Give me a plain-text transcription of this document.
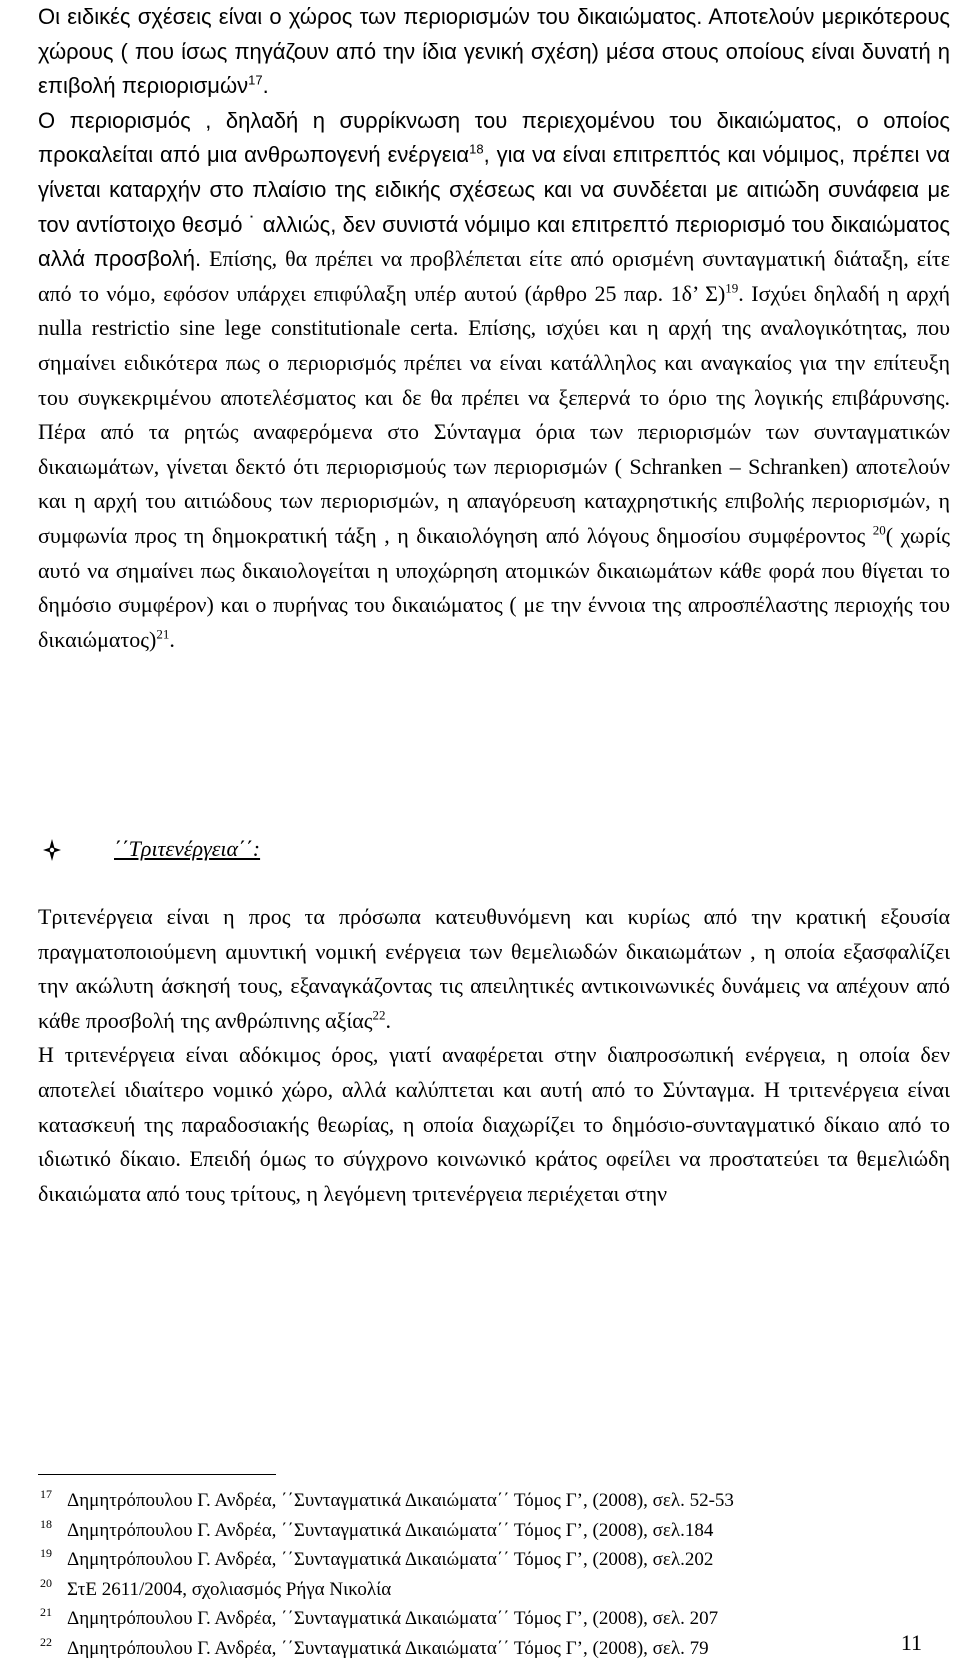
Οι ειδικές σχέσεις είναι ο χώρος των περιορισμών του δικαιώματος. Αποτελούν μερικότερους χώρους ( που ίσως πηγάζουν από την ίδια γενική σχέση) μέσα στους οποίους είναι δυνατή η επιβολή περιορισμών$^{17}$.

Ο περιορισμός , δηλαδή η συρρίκνωση του περιεχομένου του δικαιώματος, ο οποίος προκαλείται από μια ανθρωπογενή ενέργεια$^{18}$, για να είναι επιτρεπτός και νόμιμος, πρέπει να γίνεται καταρχήν στο πλαίσιο της ειδικής σχέσεως και να συνδέεται με αιτιώδη συνάφεια με τον αντίστοιχο θεσμό ˙ αλλιώς, δεν συνιστά νόμιμο και επιτρεπτό περιορισμό του δικαιώματος αλλά προσβολή. Επίσης, θα πρέπει να προβλέπεται είτε από ορισμένη συνταγματική διάταξη, είτε από το νόμο, εφόσον υπάρχει επιφύλαξη υπέρ αυτού (άρθρο 25 παρ. 1δ’ Σ)$^{19}$. Ισχύει δηλαδή η αρχή nulla restrictio sine lege constitutionale certa. Επίσης, ισχύει και η αρχή της αναλογικότητας, που σημαίνει ειδικότερα πως ο περιορισμός πρέπει να είναι κατάλληλος και αναγκαίος για την επίτευξη του συγκεκριμένου αποτελέσματος και δε θα πρέπει να ξεπερνά το όριο της λογικής επιβάρυνσης. Πέρα από τα ρητώς αναφερόμενα στο Σύνταγμα όρια των περιορισμών των συνταγματικών δικαιωμάτων, γίνεται δεκτό ότι περιορισμούς των περιορισμών ( Schranken – Schranken) αποτελούν και η αρχή του αιτιώδους των περιορισμών, η απαγόρευση καταχρηστικής επιβολής περιορισμών, η συμφωνία προς τη δημοκρατική τάξη , η δικαιολόγηση από λόγους δημοσίου συμφέροντος $^{20}$( χωρίς αυτό να σημαίνει πως δικαιολογείται η υποχώρηση ατομικών δικαιωμάτων κάθε φορά που θίγεται το δημόσιο συμφέρον) και ο πυρήνας του δικαιώματος ( με την έννοια της απροσπέλαστης περιοχής του δικαιώματος)$^{21}$.

΄΄Τριτενέργεια΄΄:

Τριτενέργεια είναι η προς τα πρόσωπα κατευθυνόμενη και κυρίως από την κρατική εξουσία πραγματοποιούμενη αμυντική νομική ενέργεια των θεμελιωδών δικαιωμάτων , η οποία εξασφαλίζει την ακώλυτη άσκησή τους, εξαναγκάζοντας τις απειλητικές αντικοινωνικές δυνάμεις να απέχουν από κάθε προσβολή της ανθρώπινης αξίας$^{22}$.

Η τριτενέργεια είναι αδόκιμος όρος, γιατί αναφέρεται στην διαπροσωπική ενέργεια, η οποία δεν αποτελεί ιδιαίτερο νομικό χώρο, αλλά καλύπτεται και αυτή από το Σύνταγμα. Η τριτενέργεια είναι κατασκευή της παραδοσιακής θεωρίας, η οποία διαχωρίζει το δημόσιο-συνταγματικό δίκαιο από το ιδιωτικό δίκαιο. Επειδή όμως το σύγχρονο κοινωνικό κράτος οφείλει να προστατεύει τα θεμελιώδη δικαιώματα από τους τρίτους, η λεγόμενη τριτενέργεια περιέχεται στην

17 Δημητρόπουλου Γ. Ανδρέα, ΄΄Συνταγματικά Δικαιώματα΄΄ Τόμος Γ’, (2008), σελ. 52-53
18 Δημητρόπουλου Γ. Ανδρέα, ΄΄Συνταγματικά Δικαιώματα΄΄ Τόμος Γ’, (2008), σελ.184
19 Δημητρόπουλου Γ. Ανδρέα, ΄΄Συνταγματικά Δικαιώματα΄΄ Τόμος Γ’, (2008), σελ.202
20 ΣτΕ 2611/2004, σχολιασμός Ρήγα Νικολία
21 Δημητρόπουλου Γ. Ανδρέα, ΄΄Συνταγματικά Δικαιώματα΄΄ Τόμος Γ’, (2008), σελ. 207
22 Δημητρόπουλου Γ. Ανδρέα, ΄΄Συνταγματικά Δικαιώματα΄΄ Τόμος Γ’, (2008), σελ. 79	11
